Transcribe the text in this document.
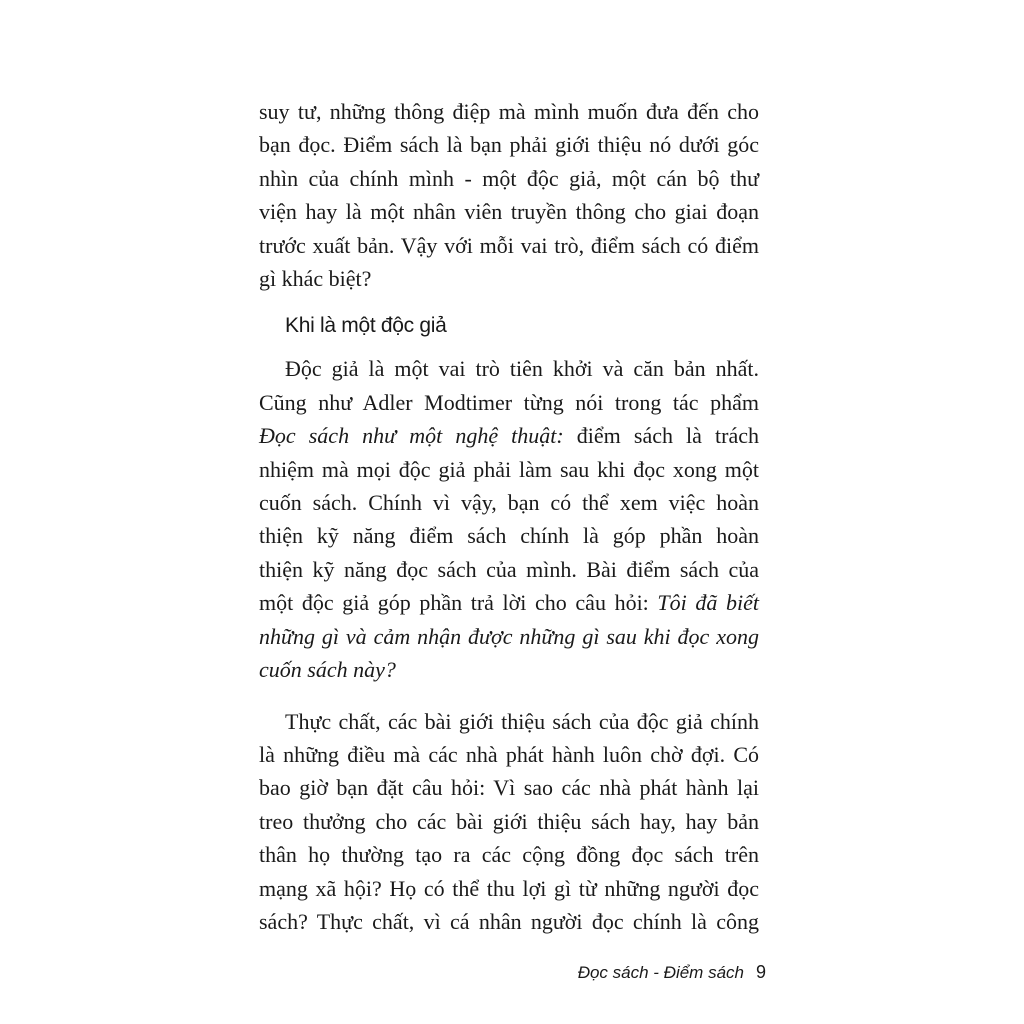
suy tư, những thông điệp mà mình muốn đưa đến cho
bạn đọc. Điểm sách là bạn phải giới thiệu nó dưới góc
nhìn của chính mình - một độc giả, một cán bộ thư
viện hay là một nhân viên truyền thông cho giai đoạn
trước xuất bản. Vậy với mỗi vai trò, điểm sách có điểm
gì khác biệt?
Khi là một độc giả
Độc giả là một vai trò tiên khởi và căn bản nhất.
Cũng như Adler Modtimer từng nói trong tác phẩm
Đọc sách như một nghệ thuật: điểm sách là trách
nhiệm mà mọi độc giả phải làm sau khi đọc xong một
cuốn sách. Chính vì vậy, bạn có thể xem việc hoàn
thiện kỹ năng điểm sách chính là góp phần hoàn
thiện kỹ năng đọc sách của mình. Bài điểm sách của
một độc giả góp phần trả lời cho câu hỏi: Tôi đã biết
những gì và cảm nhận được những gì sau khi đọc xong
cuốn sách này?
Thực chất, các bài giới thiệu sách của độc giả chính
là những điều mà các nhà phát hành luôn chờ đợi. Có
bao giờ bạn đặt câu hỏi: Vì sao các nhà phát hành lại
treo thưởng cho các bài giới thiệu sách hay, hay bản
thân họ thường tạo ra các cộng đồng đọc sách trên
mạng xã hội? Họ có thể thu lợi gì từ những người đọc
sách? Thực chất, vì cá nhân người đọc chính là công
Đọc sách - Điểm sách 9
